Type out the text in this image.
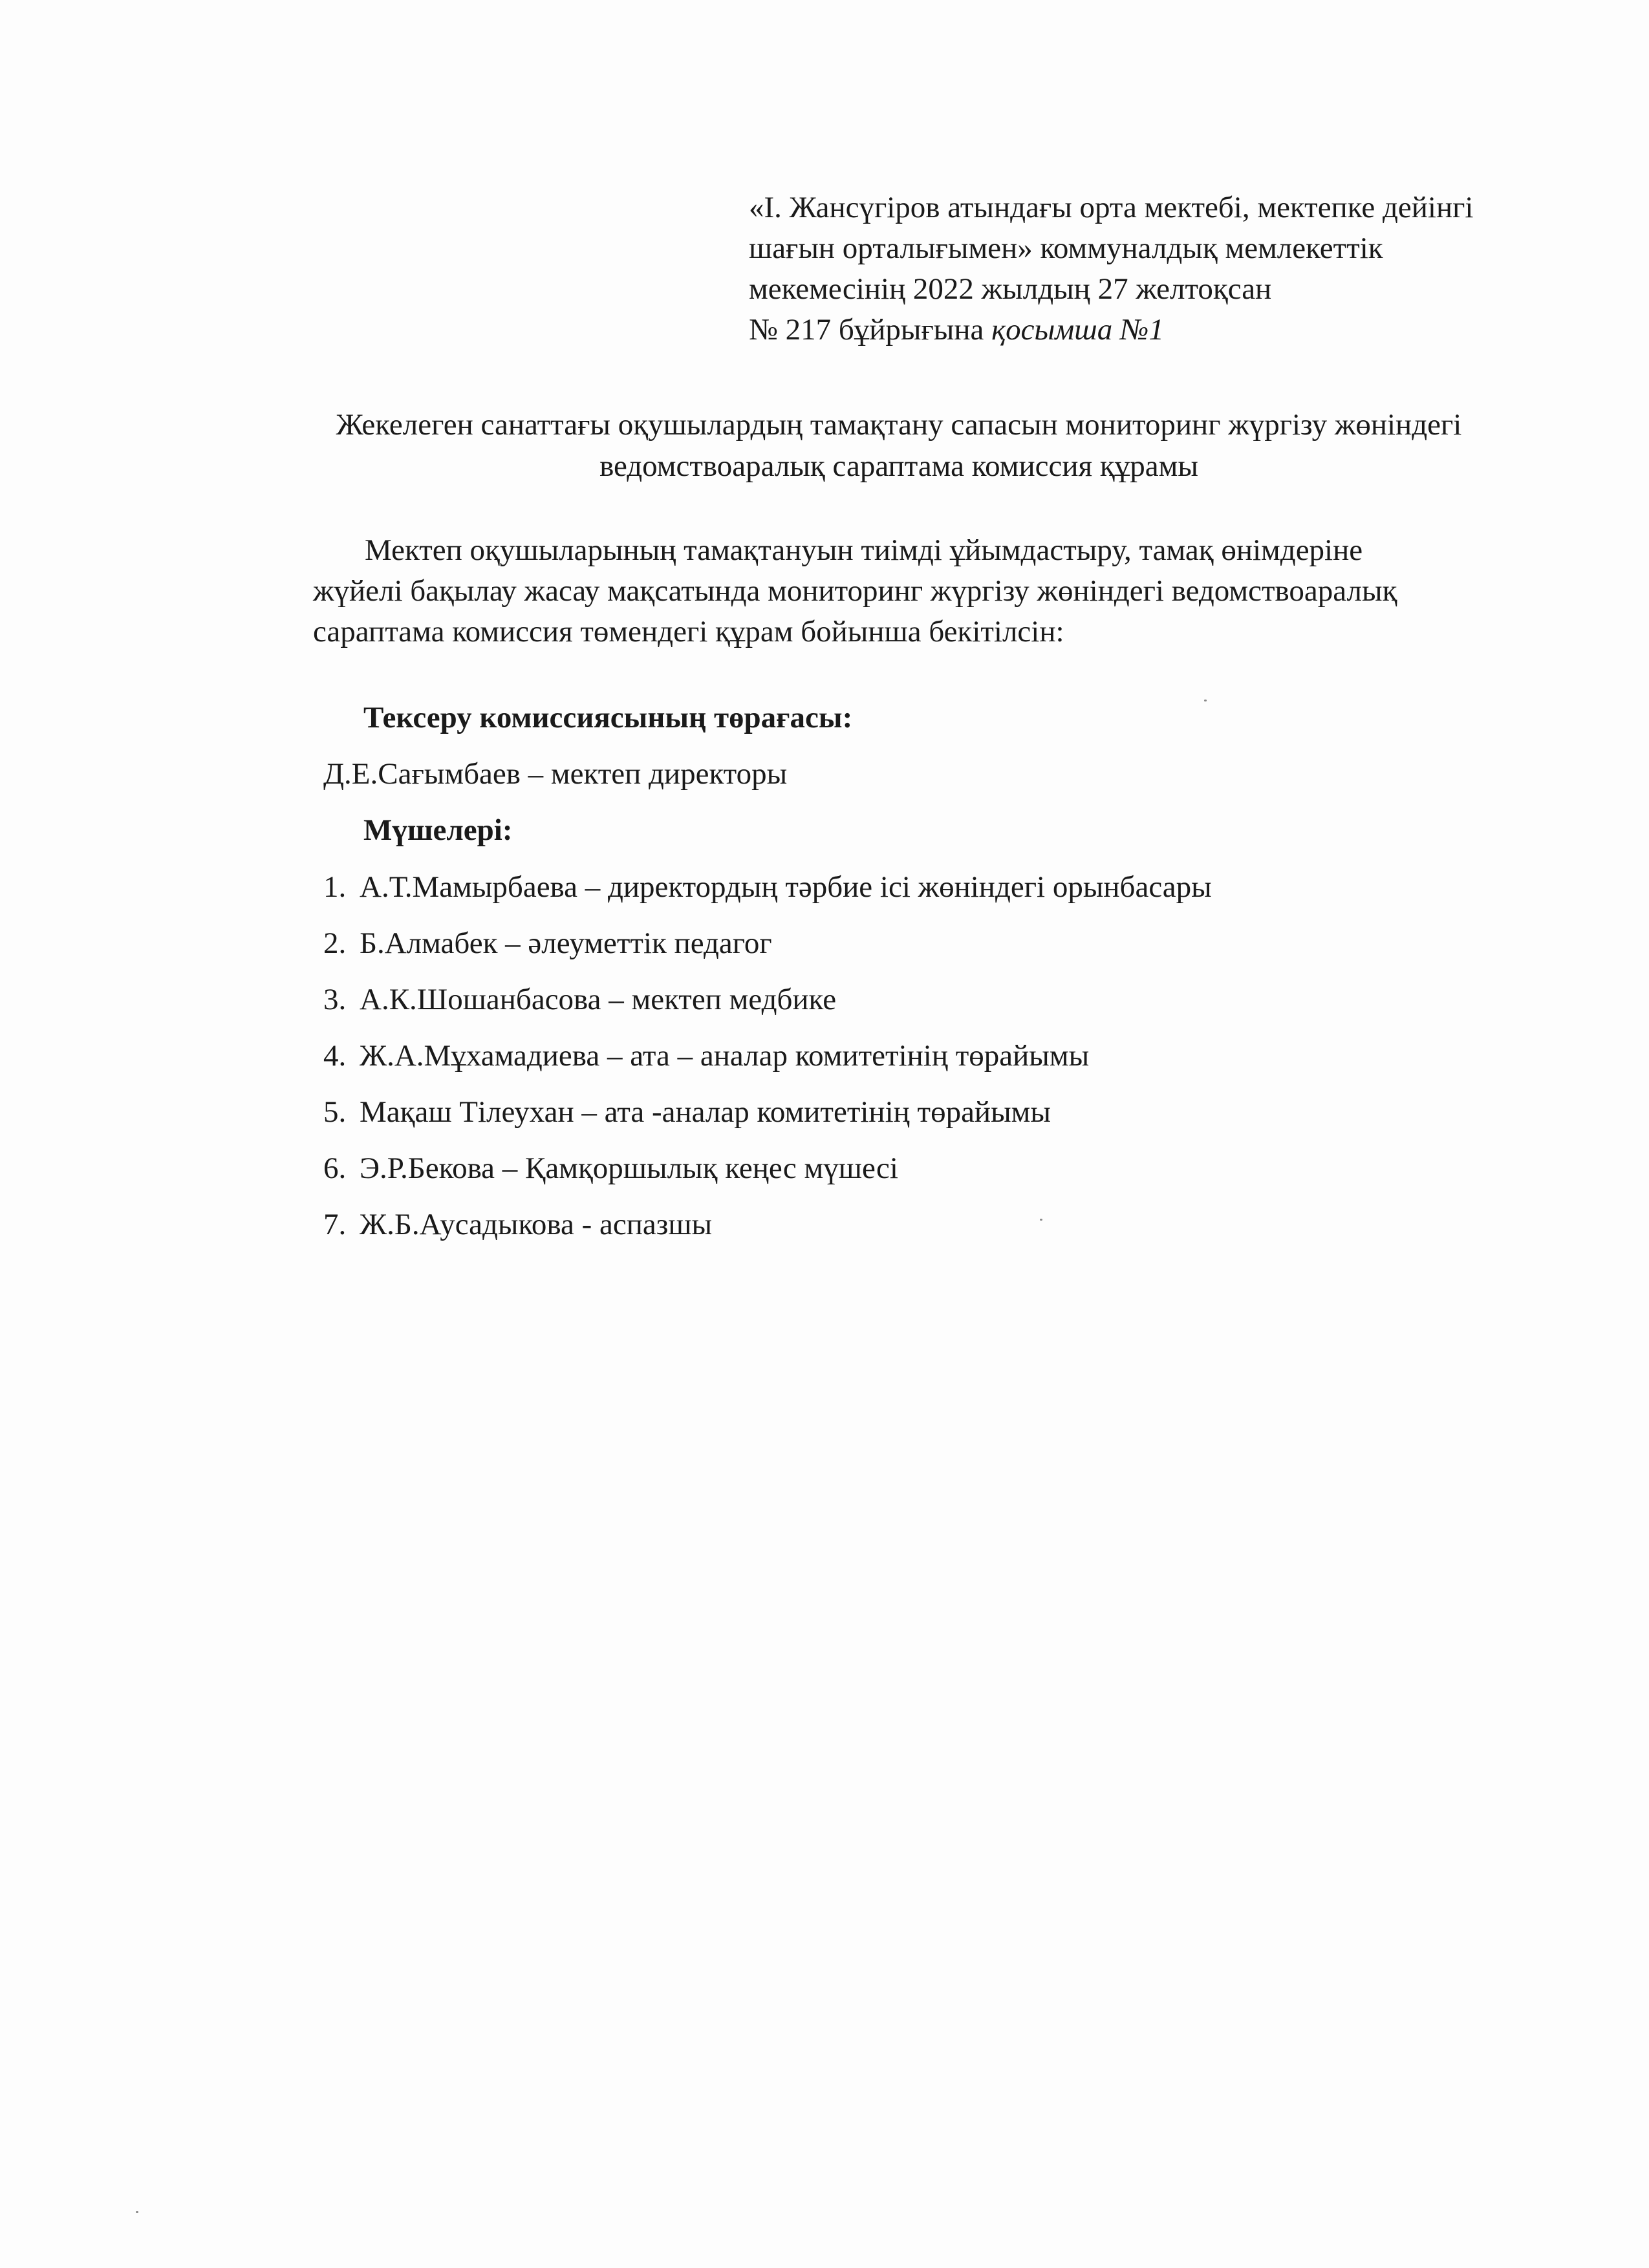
«І. Жансүгіров атындағы орта мектебі, мектепке дейінгі
шағын орталығымен» коммуналдық мемлекеттік
мекемесінің 2022 жылдың 27 желтоқсан
№ 217 бұйрығына қосымша №1
Жекелеген санаттағы оқушылардың тамақтану сапасын мониторинг жүргізу жөніндегі
ведомствоаралық сараптама комиссия құрамы
Мектеп оқушыларының тамақтануын тиімді ұйымдастыру, тамақ өнімдеріне
жүйелі бақылау жасау мақсатында мониторинг жүргізу жөніндегі ведомствоаралық
сараптама комиссия төмендегі құрам бойынша бекітілсін:
Тексеру комиссиясының төрағасы:
Д.Е.Сағымбаев – мектеп директоры
Мүшелері:
1. А.Т.Мамырбаева – директордың тәрбие ісі жөніндегі орынбасары
2. Б.Алмабек – әлеуметтік педагог
3. А.К.Шошанбасова – мектеп медбике
4. Ж.А.Мұхамадиева – ата – аналар комитетінің төрайымы
5. Мақаш Тілеухан – ата -аналар комитетінің төрайымы
6. Э.Р.Бекова – Қамқоршылық кеңес мүшесі
7. Ж.Б.Аусадыкова - аспазшы
